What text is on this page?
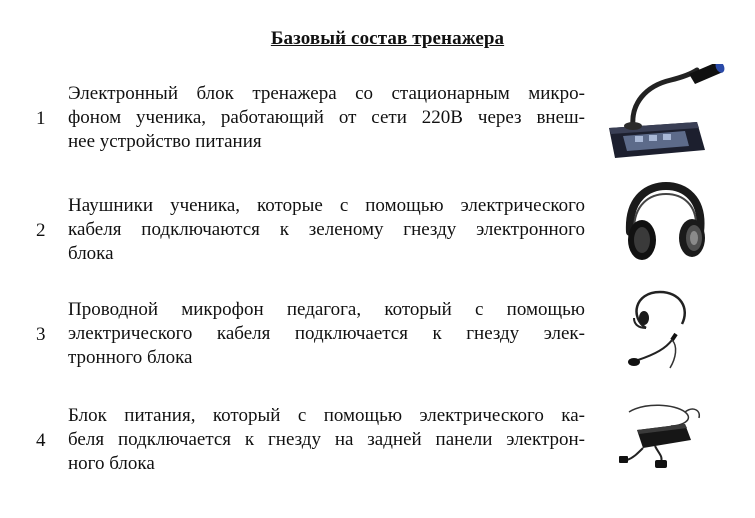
Базовый состав тренажера
1
Электронный блок тренажера со стационарным микро-
фоном ученика, работающий от сети 220В через внеш-
нее устройство питания
2
Наушники ученика, которые с помощью электрического
кабеля подключаются к зеленому гнезду электронного
блока
3
Проводной микрофон педагога, который с помощью
электрического кабеля подключается к гнезду элек-
тронного блока
4
Блок питания, который с помощью электрического ка-
беля подключается к гнезду на задней панели электрон-
ного блока
